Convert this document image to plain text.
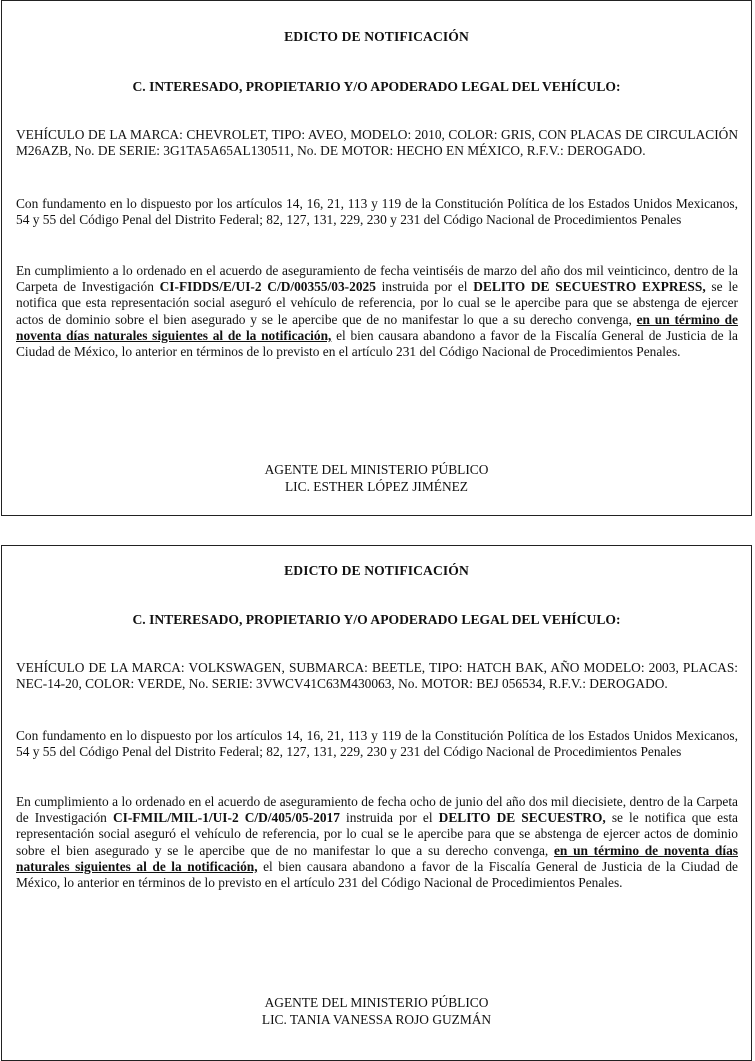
EDICTO DE NOTIFICACIÓN
C. INTERESADO, PROPIETARIO Y/O APODERADO LEGAL DEL VEHÍCULO:

VEHÍCULO DE LA MARCA: CHEVROLET, TIPO: AVEO, MODELO: 2010, COLOR: GRIS, CON PLACAS DE CIRCULACIÓN M26AZB, No. DE SERIE: 3G1TA5A65AL130511, No. DE MOTOR: HECHO EN MÉXICO, R.F.V.: DEROGADO.

Con fundamento en lo dispuesto por los artículos 14, 16, 21, 113 y 119 de la Constitución Política de los Estados Unidos Mexicanos, 54 y 55 del Código Penal del Distrito Federal; 82, 127, 131, 229, 230 y 231 del Código Nacional de Procedimientos Penales

En cumplimiento a lo ordenado en el acuerdo de aseguramiento de fecha veintiséis de marzo del año dos mil veinticinco, dentro de la Carpeta de Investigación CI-FIDDS/E/UI-2 C/D/00355/03-2025 instruida por el DELITO DE SECUESTRO EXPRESS, se le notifica que esta representación social aseguró el vehículo de referencia, por lo cual se le apercibe para que se abstenga de ejercer actos de dominio sobre el bien asegurado y se le apercibe que de no manifestar lo que a su derecho convenga, en un término de noventa días naturales siguientes al de la notificación, el bien causara abandono a favor de la Fiscalía General de Justicia de la Ciudad de México, lo anterior en términos de lo previsto en el artículo 231 del Código Nacional de Procedimientos Penales.

AGENTE DEL MINISTERIO PÚBLICO
LIC. ESTHER LÓPEZ JIMÉNEZ
EDICTO DE NOTIFICACIÓN
C. INTERESADO, PROPIETARIO Y/O APODERADO LEGAL DEL VEHÍCULO:

VEHÍCULO DE LA MARCA: VOLKSWAGEN, SUBMARCA: BEETLE, TIPO: HATCH BAK, AÑO MODELO: 2003, PLACAS: NEC-14-20, COLOR: VERDE, No. SERIE: 3VWCV41C63M430063, No. MOTOR: BEJ 056534, R.F.V.: DEROGADO.

Con fundamento en lo dispuesto por los artículos 14, 16, 21, 113 y 119 de la Constitución Política de los Estados Unidos Mexicanos, 54 y 55 del Código Penal del Distrito Federal; 82, 127, 131, 229, 230 y 231 del Código Nacional de Procedimientos Penales

En cumplimiento a lo ordenado en el acuerdo de aseguramiento de fecha ocho de junio del año dos mil diecisiete, dentro de la Carpeta de Investigación CI-FMIL/MIL-1/UI-2 C/D/405/05-2017 instruida por el DELITO DE SECUESTRO, se le notifica que esta representación social aseguró el vehículo de referencia, por lo cual se le apercibe para que se abstenga de ejercer actos de dominio sobre el bien asegurado y se le apercibe que de no manifestar lo que a su derecho convenga, en un término de noventa días naturales siguientes al de la notificación, el bien causara abandono a favor de la Fiscalía General de Justicia de la Ciudad de México, lo anterior en términos de lo previsto en el artículo 231 del Código Nacional de Procedimientos Penales.

AGENTE DEL MINISTERIO PÚBLICO
LIC. TANIA VANESSA ROJO GUZMÁN
